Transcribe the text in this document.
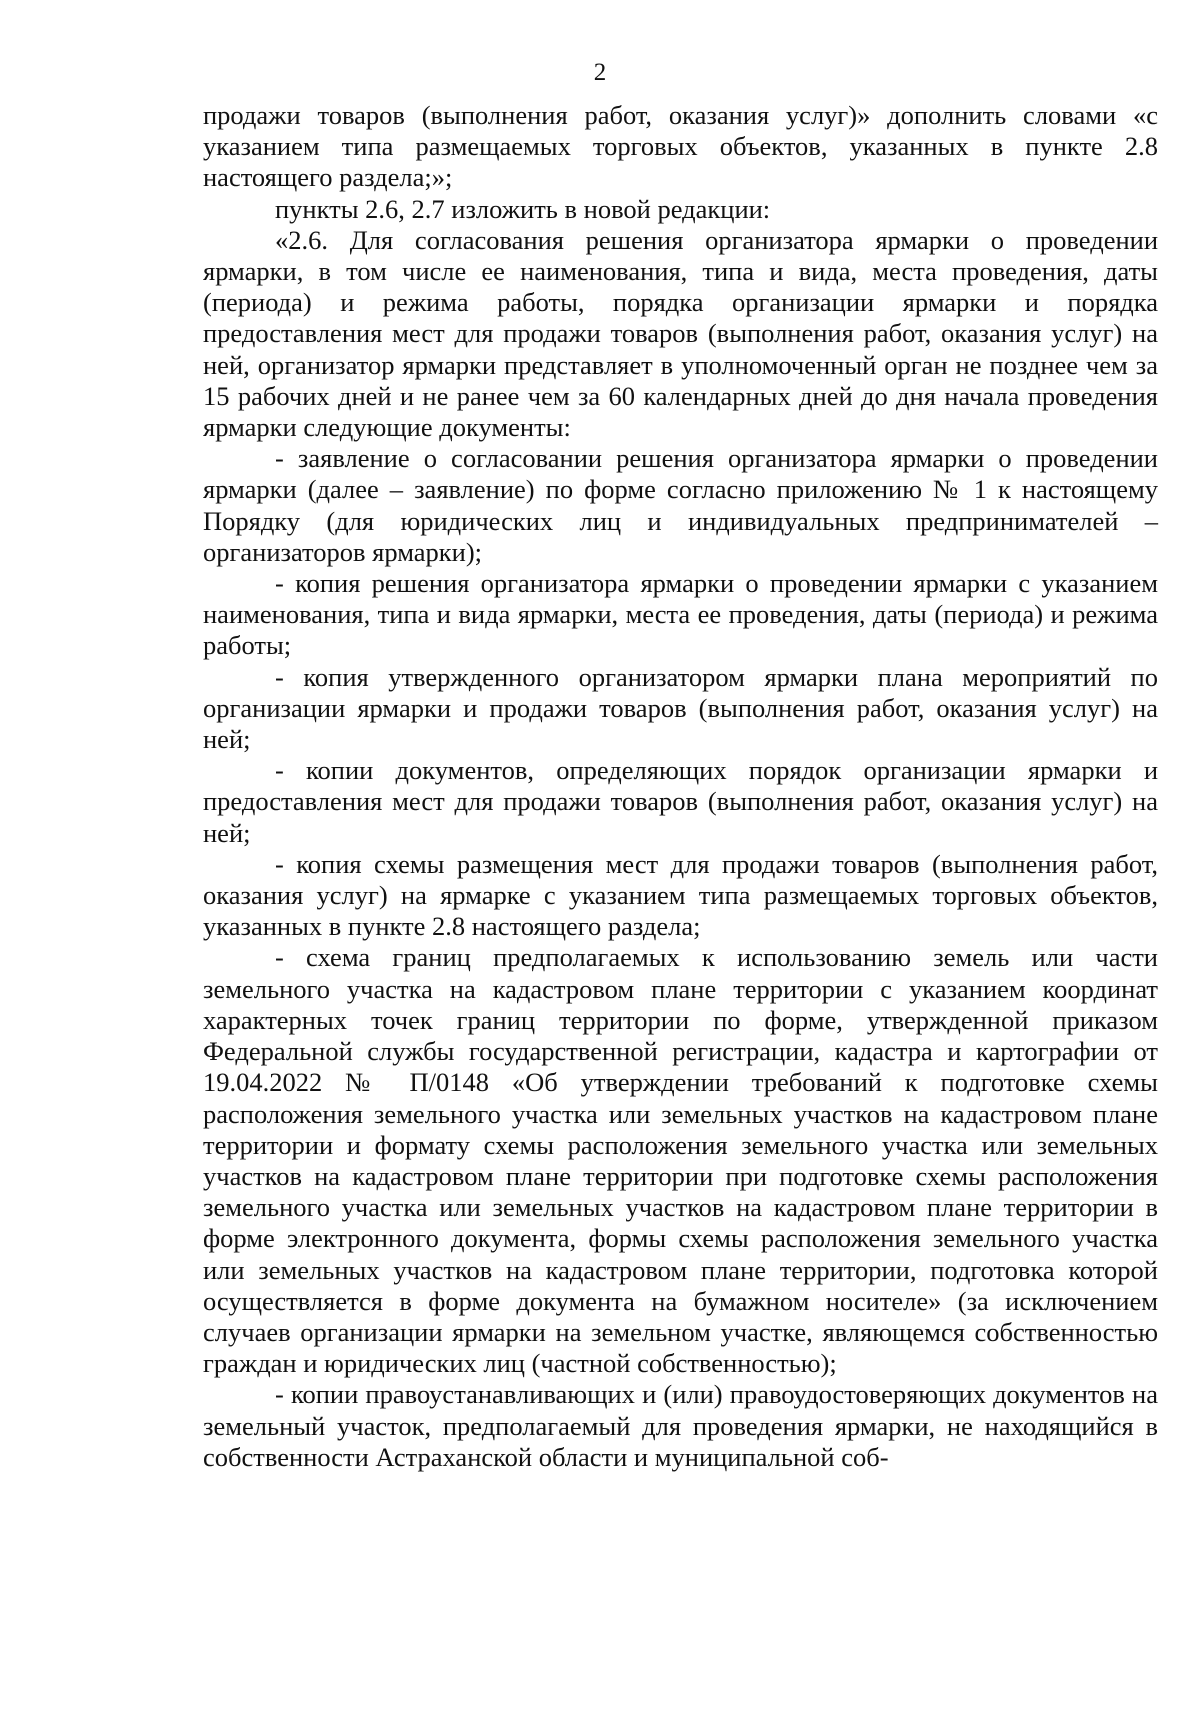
2

продажи товаров (выполнения работ, оказания услуг)» дополнить словами «с указанием типа размещаемых торговых объектов, указанных в пункте 2.8 настоящего раздела;»;

пункты 2.6, 2.7 изложить в новой редакции:

«2.6. Для согласования решения организатора ярмарки о проведении ярмарки, в том числе ее наименования, типа и вида, места проведения, даты (периода) и режима работы, порядка организации ярмарки и порядка предоставления мест для продажи товаров (выполнения работ, оказания услуг) на ней, организатор ярмарки представляет в уполномоченный орган не позднее чем за 15 рабочих дней и не ранее чем за 60 календарных дней до дня начала проведения ярмарки следующие документы:

- заявление о согласовании решения организатора ярмарки о проведении ярмарки (далее – заявление) по форме согласно приложению № 1 к настоящему Порядку (для юридических лиц и индивидуальных предпринимателей – организаторов ярмарки);

- копия решения организатора ярмарки о проведении ярмарки с указанием наименования, типа и вида ярмарки, места ее проведения, даты (периода) и режима работы;

- копия утвержденного организатором ярмарки плана мероприятий по организации ярмарки и продажи товаров (выполнения работ, оказания услуг) на ней;

- копии документов, определяющих порядок организации ярмарки и предоставления мест для продажи товаров (выполнения работ, оказания услуг) на ней;

- копия схемы размещения мест для продажи товаров (выполнения работ, оказания услуг) на ярмарке с указанием типа размещаемых торговых объектов, указанных в пункте 2.8 настоящего раздела;

- схема границ предполагаемых к использованию земель или части земельного участка на кадастровом плане территории с указанием координат характерных точек границ территории по форме, утвержденной приказом Федеральной службы государственной регистрации, кадастра и картографии от 19.04.2022 № П/0148 «Об утверждении требований к подготовке схемы расположения земельного участка или земельных участков на кадастровом плане территории и формату схемы расположения земельного участка или земельных участков на кадастровом плане территории при подготовке схемы расположения земельного участка или земельных участков на кадастровом плане территории в форме электронного документа, формы схемы расположения земельного участка или земельных участков на кадастровом плане территории, подготовка которой осуществляется в форме документа на бумажном носителе» (за исключением случаев организации ярмарки на земельном участке, являющемся собственностью граждан и юридических лиц (частной собственностью);

- копии правоустанавливающих и (или) правоудостоверяющих документов на земельный участок, предполагаемый для проведения ярмарки, не находящийся в собственности Астраханской области и муниципальной соб-
